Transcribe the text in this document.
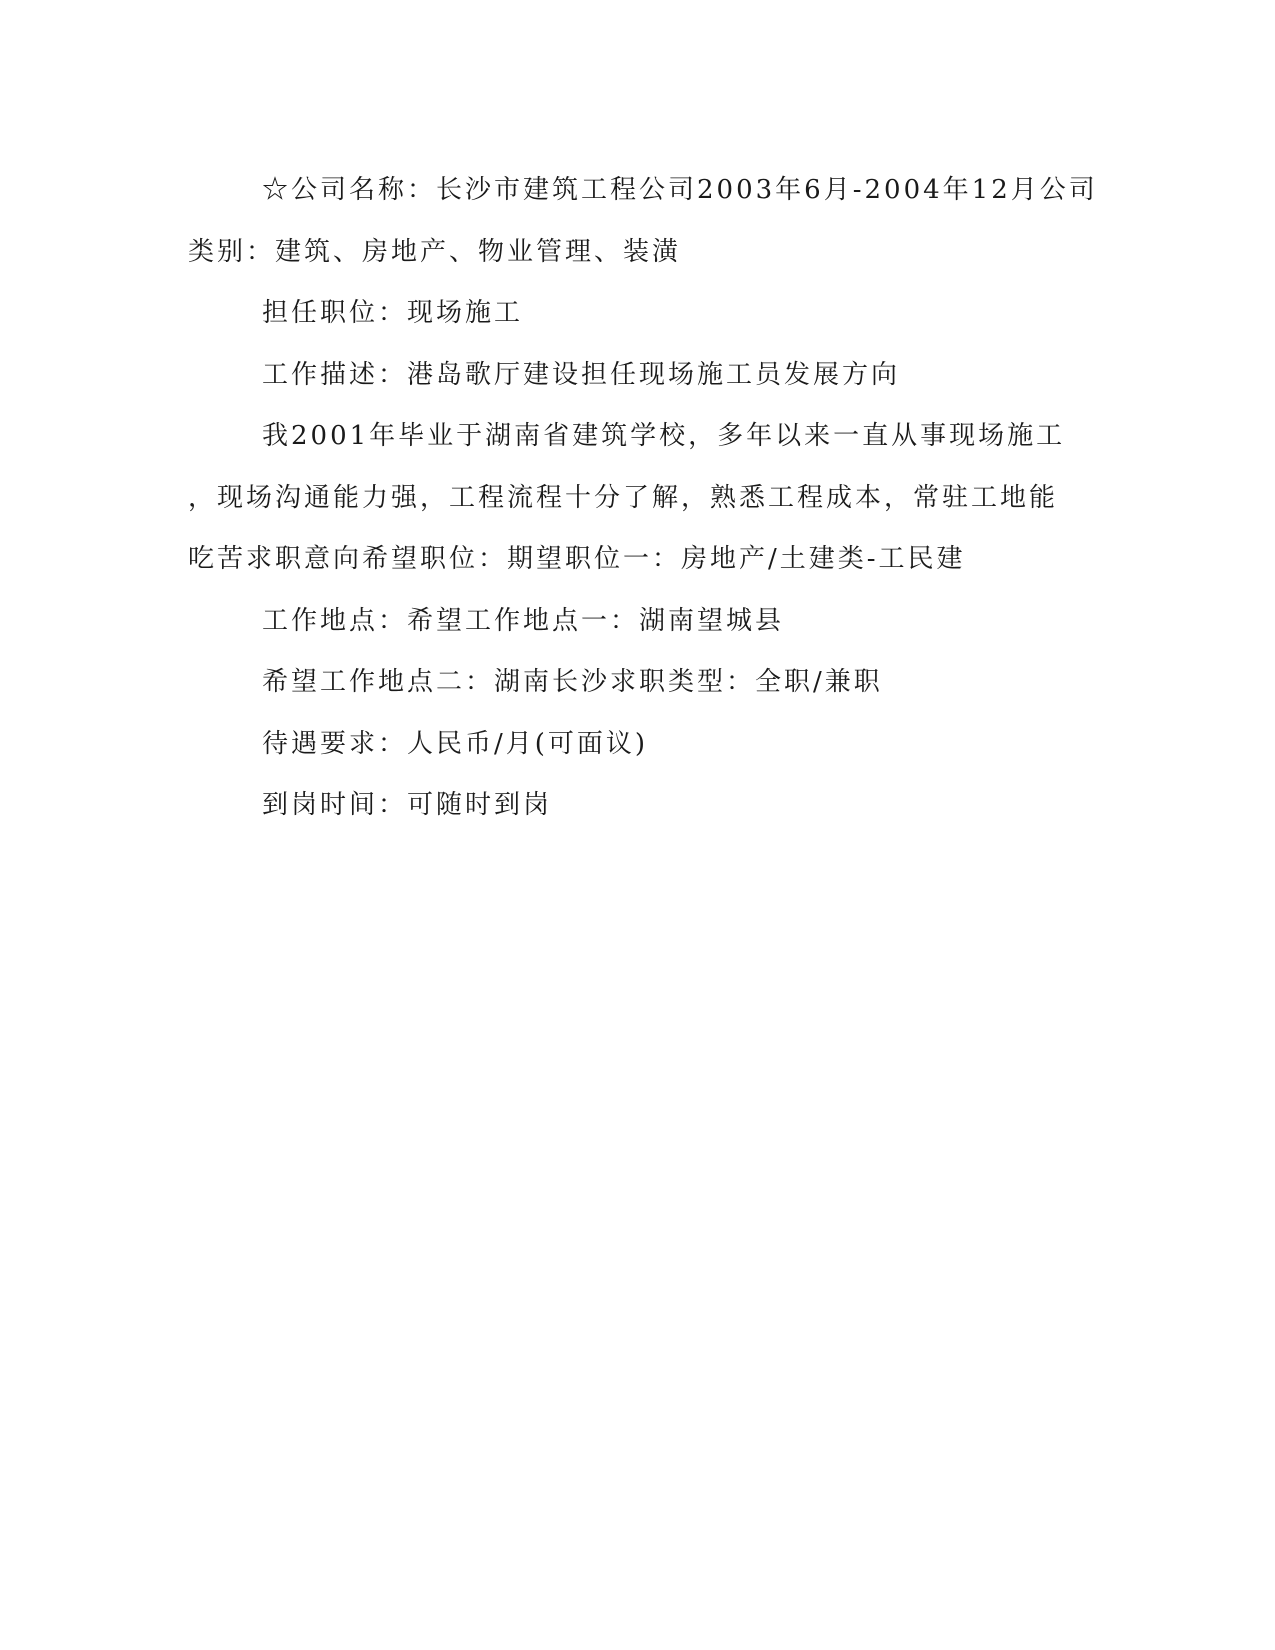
☆公司名称：长沙市建筑工程公司2003年6月-2004年12月公司
类别：建筑、房地产、物业管理、装潢
担任职位：现场施工
工作描述：港岛歌厅建设担任现场施工员发展方向
我2001年毕业于湖南省建筑学校，多年以来一直从事现场施工
，现场沟通能力强，工程流程十分了解，熟悉工程成本，常驻工地能
吃苦求职意向希望职位：期望职位一：房地产/土建类-工民建
工作地点：希望工作地点一：湖南望城县
希望工作地点二：湖南长沙求职类型：全职/兼职
待遇要求：人民币/月(可面议)
到岗时间：可随时到岗
